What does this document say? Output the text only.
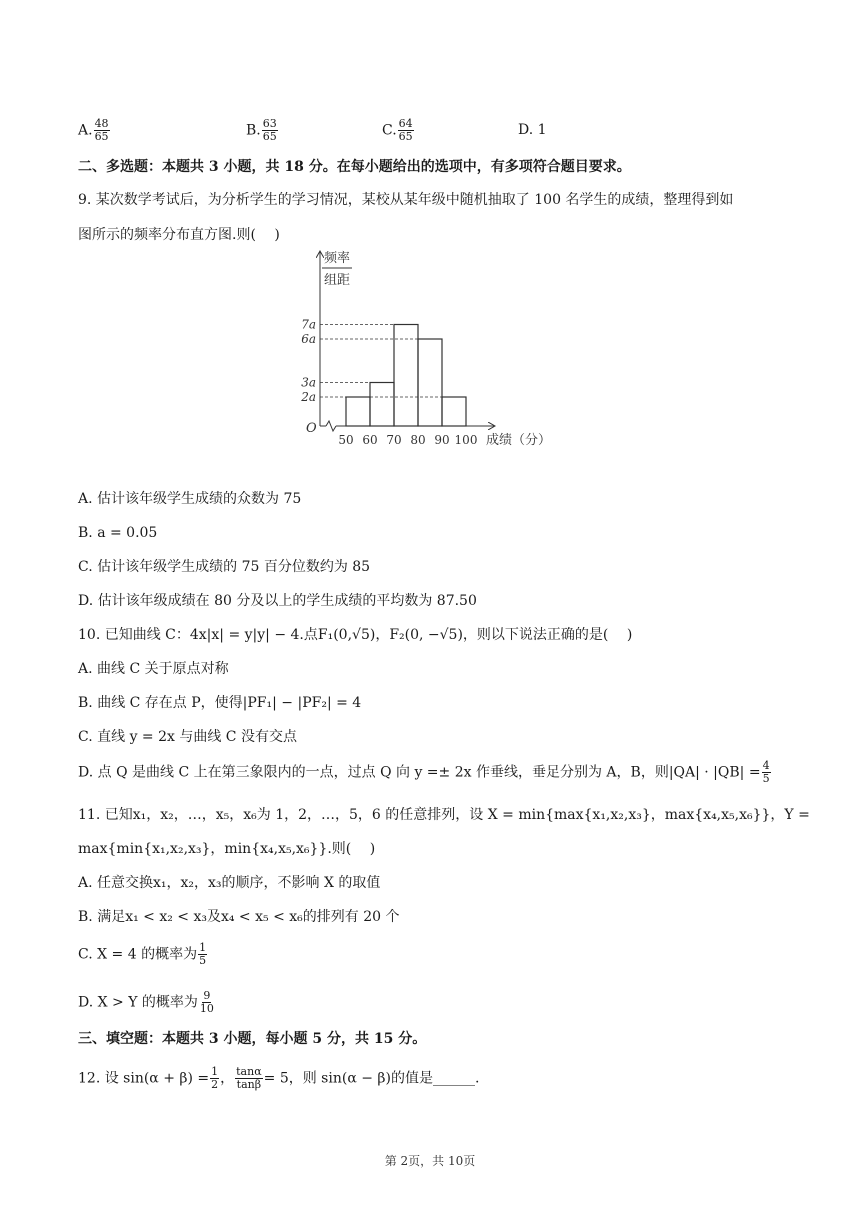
A. $\frac{48}{65}$	B. $\frac{63}{65}$	C. $\frac{64}{65}$	D. 1
二、多选题：本题共 3 小题，共 18 分。在每小题给出的选项中，有多项符合题目要求。
9. 某次数学考试后，为分析学生的学习情况，某校从某年级中随机抽取了 100 名学生的成绩，整理得到如
图所示的频率分布直方图.则(　 )
频率
组距
O
2a
3a
6a
7a
50 60 70 80 90 100 成绩（分）
A. 估计该年级学生成绩的众数为 75
B. a = 0.05
C. 估计该年级学生成绩的 75 百分位数约为 85
D. 估计该年级成绩在 80 分及以上的学生成绩的平均数为 87.50
10. 已知曲线 C：4x|x| = y|y| − 4.点F₁(0,√5)，F₂(0, −√5)，则以下说法正确的是(　 )
A. 曲线 C 关于原点对称
B. 曲线 C 存在点 P，使得|PF₁| − |PF₂| = 4
C. 直线 y = 2x 与曲线 C 没有交点
D. 点 Q 是曲线 C 上在第三象限内的一点，过点 Q 向 y =± 2x 作垂线，垂足分别为 A，B，则$|QA| \cdot |QB| = \frac{4}{5}$
11. 已知x₁，x₂，…，x₅，x₆为 1，2，…，5，6 的任意排列，设 X = min{max{x₁,x₂,x₃}，max{x₄,x₅,x₆}}，Y =
max{min{x₁,x₂,x₃}，min{x₄,x₅,x₆}}.则(　 )
A. 任意交换x₁，x₂，x₃的顺序，不影响 X 的取值
B. 满足x₁ < x₂ < x₃及x₄ < x₅ < x₆的排列有 20 个
C. X = 4 的概率为 $\frac{1}{5}$
D. X > Y 的概率为 $\frac{9}{10}$
三、填空题：本题共 3 小题，每小题 5 分，共 15 分。
12. 设 $\sin(\alpha + \beta) = \frac{1}{2}$ ， $\frac{\tan\alpha}{\tan\beta} = 5$，则 sin(α − β)的值是______.
第 2页，共 10页
